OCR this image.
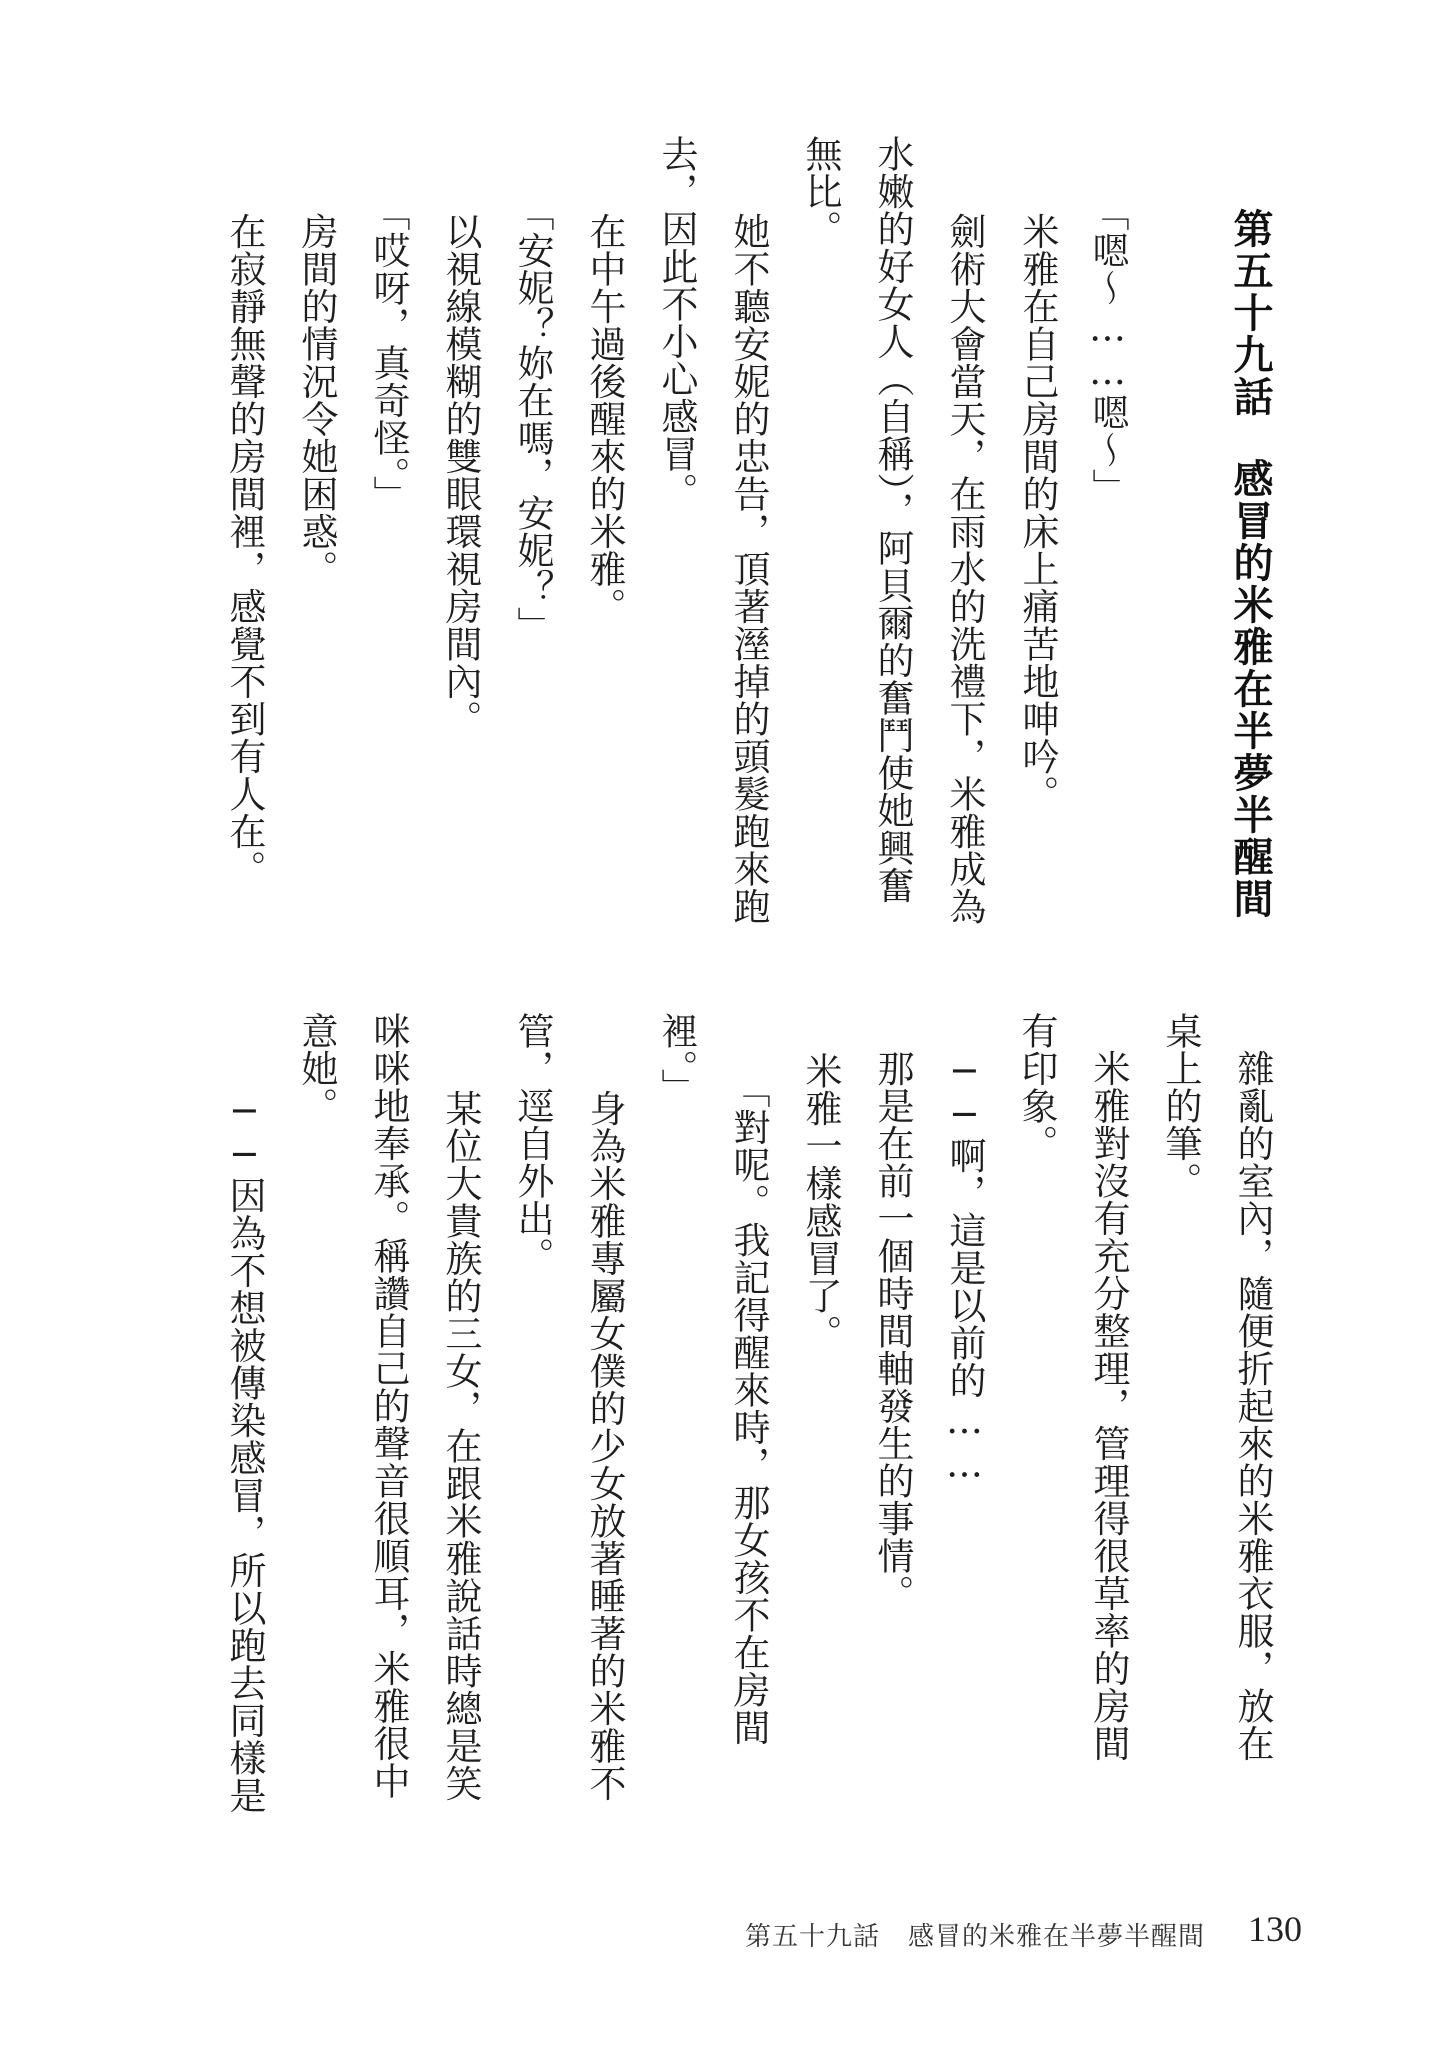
第五十九話感冒的米雅在半夢半醒間
　「嗯～……嗯～」
　米雅在自己房間的床上痛苦地呻吟。
　劍術大會當天，在雨水的洗禮下，米雅成為
水嫩的好女人（自稱），阿貝爾的奮鬥使她興奮
無比。
　她不聽安妮的忠告，頂著溼掉的頭髮跑來跑
去，因此不小心感冒。
　在中午過後醒來的米雅。
　「安妮？妳在嗎，安妮？」
　以視線模糊的雙眼環視房間內。
　「哎呀，真奇怪。」
　房間的情況令她困惑。
　在寂靜無聲的房間裡，感覺不到有人在。
　雜亂的室內，隨便折起來的米雅衣服，放在
桌上的筆。
　米雅對沒有充分整理，管理得很草率的房間
有印象。
　──啊，這是以前的……
　那是在前一個時間軸發生的事情。
米雅一樣感冒了。
　「對呢。我記得醒來時，那女孩不在房間
裡。」
　身為米雅專屬女僕的少女放著睡著的米雅不
管，逕自外出。
　某位大貴族的三女，在跟米雅說話時總是笑
咪咪地奉承。稱讚自己的聲音很順耳，米雅很中
意她。
　──因為不想被傳染感冒，所以跑去同樣是
第五十九話 感冒的米雅在半夢半醒間 130
